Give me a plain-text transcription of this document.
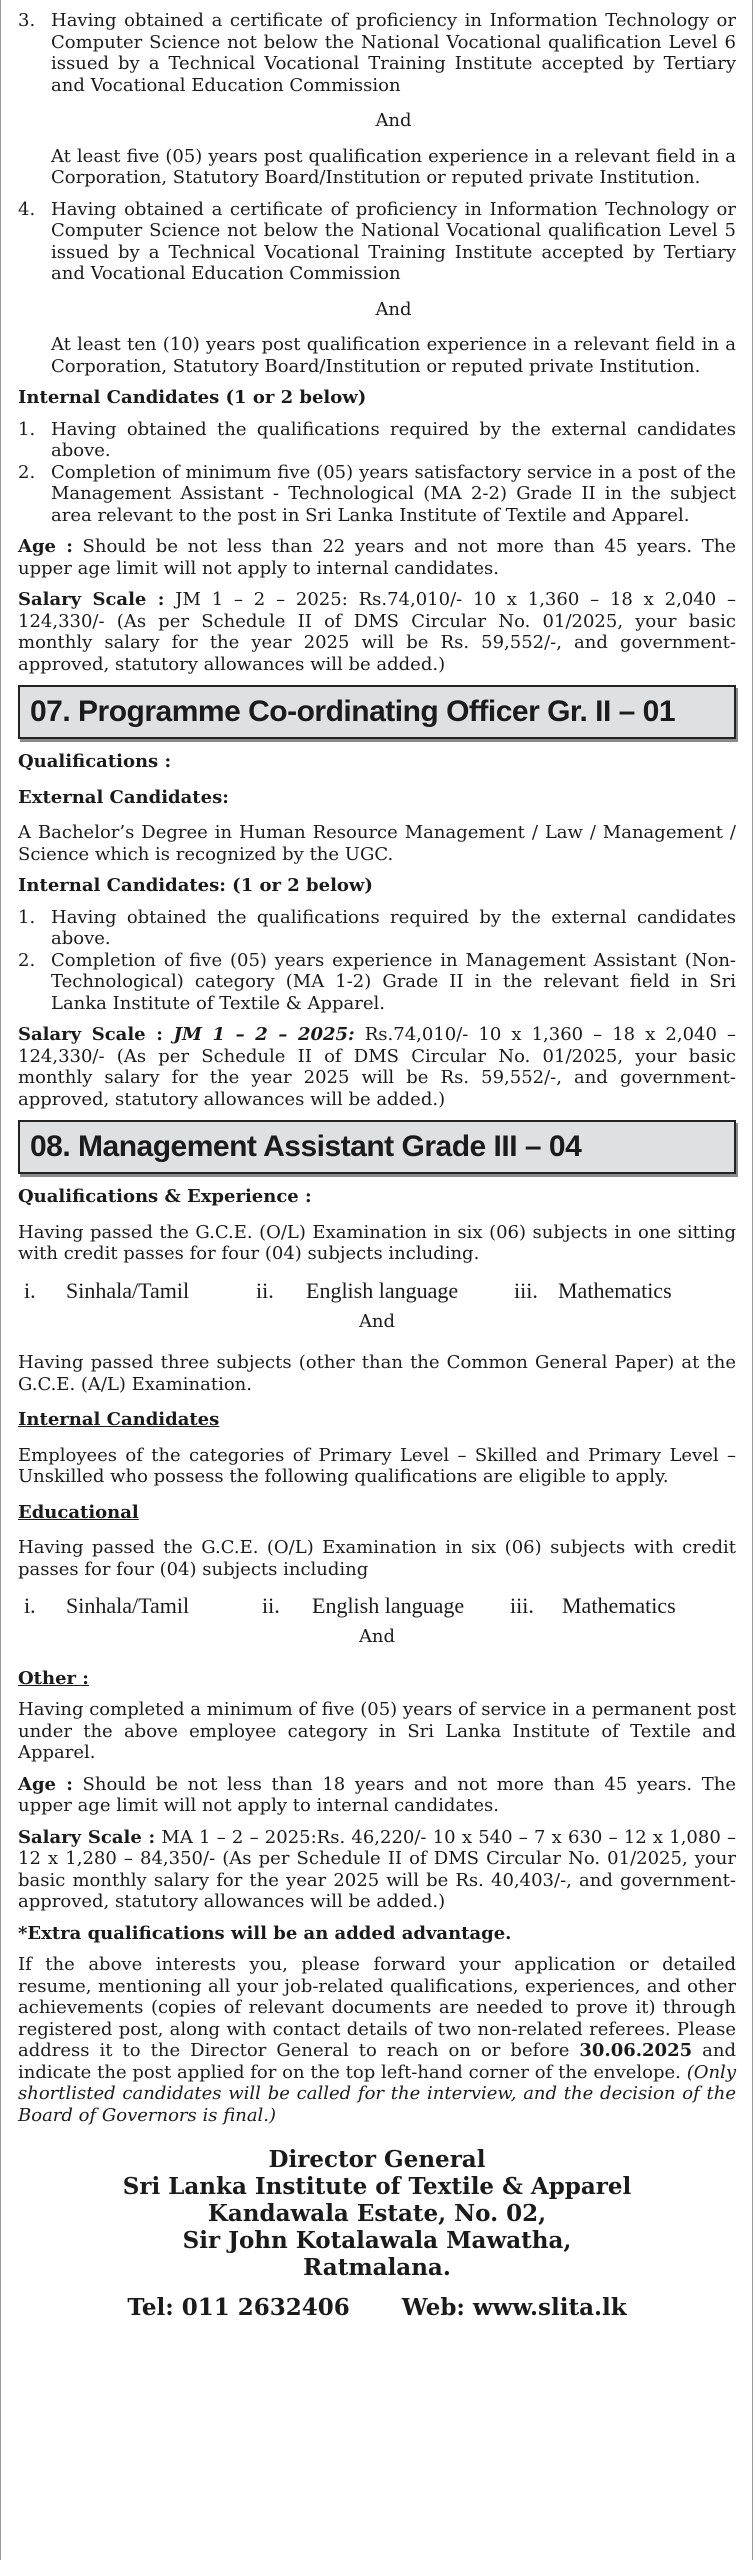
3. Having obtained a certificate of proficiency in Information Technology or Computer Science not below the National Vocational qualification Level 6 issued by a Technical Vocational Training Institute accepted by Tertiary and Vocational Education Commission

And

At least five (05) years post qualification experience in a relevant field in a Corporation, Statutory Board/Institution or reputed private Institution.

4. Having obtained a certificate of proficiency in Information Technology or Computer Science not below the National Vocational qualification Level 5 issued by a Technical Vocational Training Institute accepted by Tertiary and Vocational Education Commission

And

At least ten (10) years post qualification experience in a relevant field in a Corporation, Statutory Board/Institution or reputed private Institution.

Internal Candidates (1 or 2 below)

1. Having obtained the qualifications required by the external candidates above.

2. Completion of minimum five (05) years satisfactory service in a post of the Management Assistant - Technological (MA 2-2) Grade II in the subject area relevant to the post in Sri Lanka Institute of Textile and Apparel.

Age : Should be not less than 22 years and not more than 45 years. The upper age limit will not apply to internal candidates.

Salary Scale : JM 1 – 2 – 2025: Rs.74,010/- 10 x 1,360 – 18 x 2,040 – 124,330/- (As per Schedule II of DMS Circular No. 01/2025, your basic monthly salary for the year 2025 will be Rs. 59,552/-, and government-approved, statutory allowances will be added.)

07. Programme Co-ordinating Officer Gr. II – 01

Qualifications :

External Candidates:

A Bachelor’s Degree in Human Resource Management / Law / Management / Science which is recognized by the UGC.

Internal Candidates: (1 or 2 below)

1. Having obtained the qualifications required by the external candidates above.

2. Completion of five (05) years experience in Management Assistant (Non-Technological) category (MA 1-2) Grade II in the relevant field in Sri Lanka Institute of Textile & Apparel.

Salary Scale : JM 1 – 2 – 2025: Rs.74,010/- 10 x 1,360 – 18 x 2,040 – 124,330/- (As per Schedule II of DMS Circular No. 01/2025, your basic monthly salary for the year 2025 will be Rs. 59,552/-, and government-approved, statutory allowances will be added.)

08. Management Assistant Grade III – 04

Qualifications & Experience :

Having passed the G.C.E. (O/L) Examination in six (06) subjects in one sitting with credit passes for four (04) subjects including.

i.	Sinhala/Tamil	ii.	English language	iii. Mathematics

And

Having passed three subjects (other than the Common General Paper) at the G.C.E. (A/L) Examination.

Internal Candidates

Employees of the categories of Primary Level – Skilled and Primary Level – Unskilled who possess the following qualifications are eligible to apply.

Educational

Having passed the G.C.E. (O/L) Examination in six (06) subjects with credit passes for four (04) subjects including

i.	Sinhala/Tamil	ii.	English language	iii.	Mathematics

And

Other :

Having completed a minimum of five (05) years of service in a permanent post under the above employee category in Sri Lanka Institute of Textile and Apparel.

Age : Should be not less than 18 years and not more than 45 years. The upper age limit will not apply to internal candidates.

Salary Scale : MA 1 – 2 – 2025:Rs. 46,220/- 10 x 540 – 7 x 630 – 12 x 1,080 – 12 x 1,280 – 84,350/- (As per Schedule II of DMS Circular No. 01/2025, your basic monthly salary for the year 2025 will be Rs. 40,403/-, and government-approved, statutory allowances will be added.)

*Extra qualifications will be an added advantage.

If the above interests you, please forward your application or detailed resume, mentioning all your job-related qualifications, experiences, and other achievements (copies of relevant documents are needed to prove it) through registered post, along with contact details of two non-related referees. Please address it to the Director General to reach on or before 30.06.2025 and indicate the post applied for on the top left-hand corner of the envelope. (Only shortlisted candidates will be called for the interview, and the decision of the Board of Governors is final.)

Director General
Sri Lanka Institute of Textile & Apparel
Kandawala Estate, No. 02,
Sir John Kotalawala Mawatha,
Ratmalana.
Tel: 011 2632406 Web: www.slita.lk
